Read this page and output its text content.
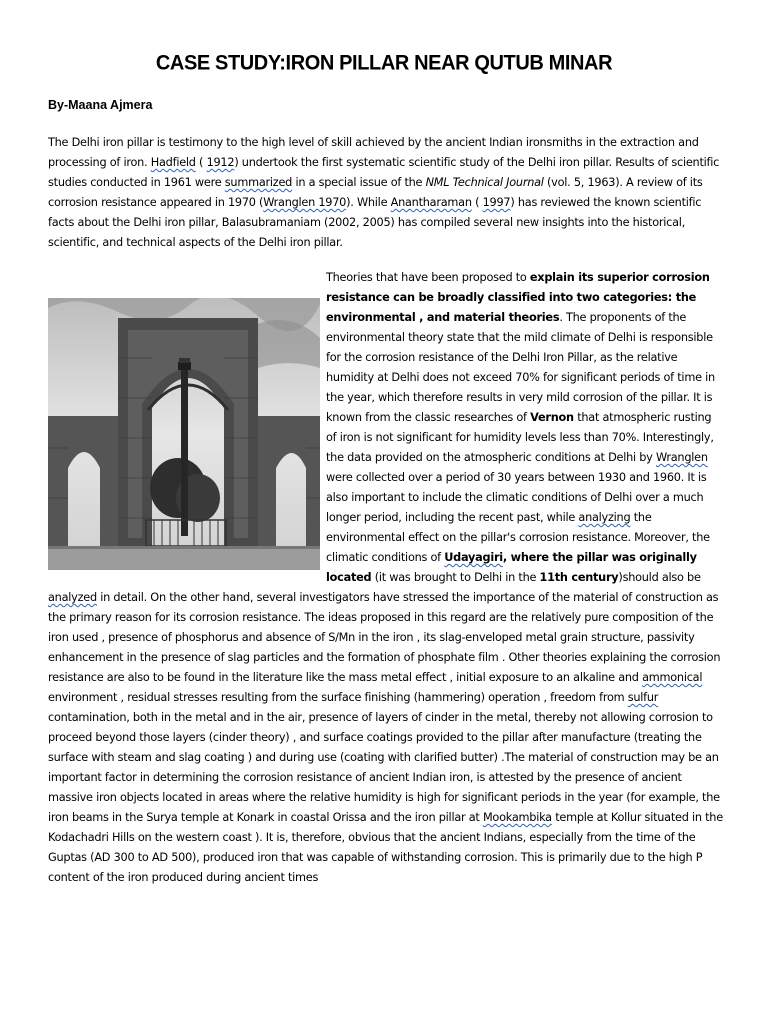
CASE STUDY:IRON PILLAR NEAR QUTUB MINAR
By-Maana Ajmera
The Delhi iron pillar is testimony to the high level of skill achieved by the ancient Indian ironsmiths in the extraction and processing of iron. Hadfield ( 1912) undertook the first systematic scientific study of the Delhi iron pillar. Results of scientific studies conducted in 1961 were summarized in a special issue of the NML Technical Journal (vol. 5, 1963). A review of its corrosion resistance appeared in 1970 (Wranglen 1970). While Anantharaman ( 1997) has reviewed the known scientific facts about the Delhi iron pillar, Balasubramaniam (2002, 2005) has compiled several new insights into the historical, scientific, and technical aspects of the Delhi iron pillar.
Theories that have been proposed to explain its superior corrosion resistance can be broadly classified into two categories: the environmental , and material theories. The proponents of the environmental theory state that the mild climate of Delhi is responsible for the corrosion resistance of the Delhi Iron Pillar, as the relative humidity at Delhi does not exceed 70% for significant periods of time in the year, which therefore results in very mild corrosion of the pillar. It is known from the classic researches of Vernon that atmospheric rusting of iron is not significant for humidity levels less than 70%. Interestingly, the data provided on the atmospheric conditions at Delhi by Wranglen were collected over a period of 30 years between 1930 and 1960. It is also important to include the climatic conditions of Delhi over a much longer period, including the recent past, while analyzing the environmental effect on the pillar's corrosion resistance. Moreover, the climatic conditions of Udayagiri, where the pillar was originally located (it was brought to Delhi in the 11th century)should also be analyzed in detail. On the other hand, several investigators have stressed the importance of the material of construction as the primary reason for its corrosion resistance. The ideas proposed in this regard are the relatively pure composition of the iron used , presence of phosphorus and absence of S/Mn in the iron , its slag-enveloped metal grain structure, passivity enhancement in the presence of slag particles and the formation of phosphate film . Other theories explaining the corrosion resistance are also to be found in the literature like the mass metal effect , initial exposure to an alkaline and ammonical environment , residual stresses resulting from the surface finishing (hammering) operation , freedom from sulfur contamination, both in the metal and in the air, presence of layers of cinder in the metal, thereby not allowing corrosion to proceed beyond those layers (cinder theory) , and surface coatings provided to the pillar after manufacture (treating the surface with steam and slag coating ) and during use (coating with clarified butter) .The material of construction may be an important factor in determining the corrosion resistance of ancient Indian iron, is attested by the presence of ancient massive iron objects located in areas where the relative humidity is high for significant periods in the year (for example, the iron beams in the Surya temple at Konark in coastal Orissa and the iron pillar at Mookambika temple at Kollur situated in the Kodachadri Hills on the western coast ). It is, therefore, obvious that the ancient Indians, especially from the time of the Guptas (AD 300 to AD 500), produced iron that was capable of withstanding corrosion. This is primarily due to the high P content of the iron produced during ancient times
